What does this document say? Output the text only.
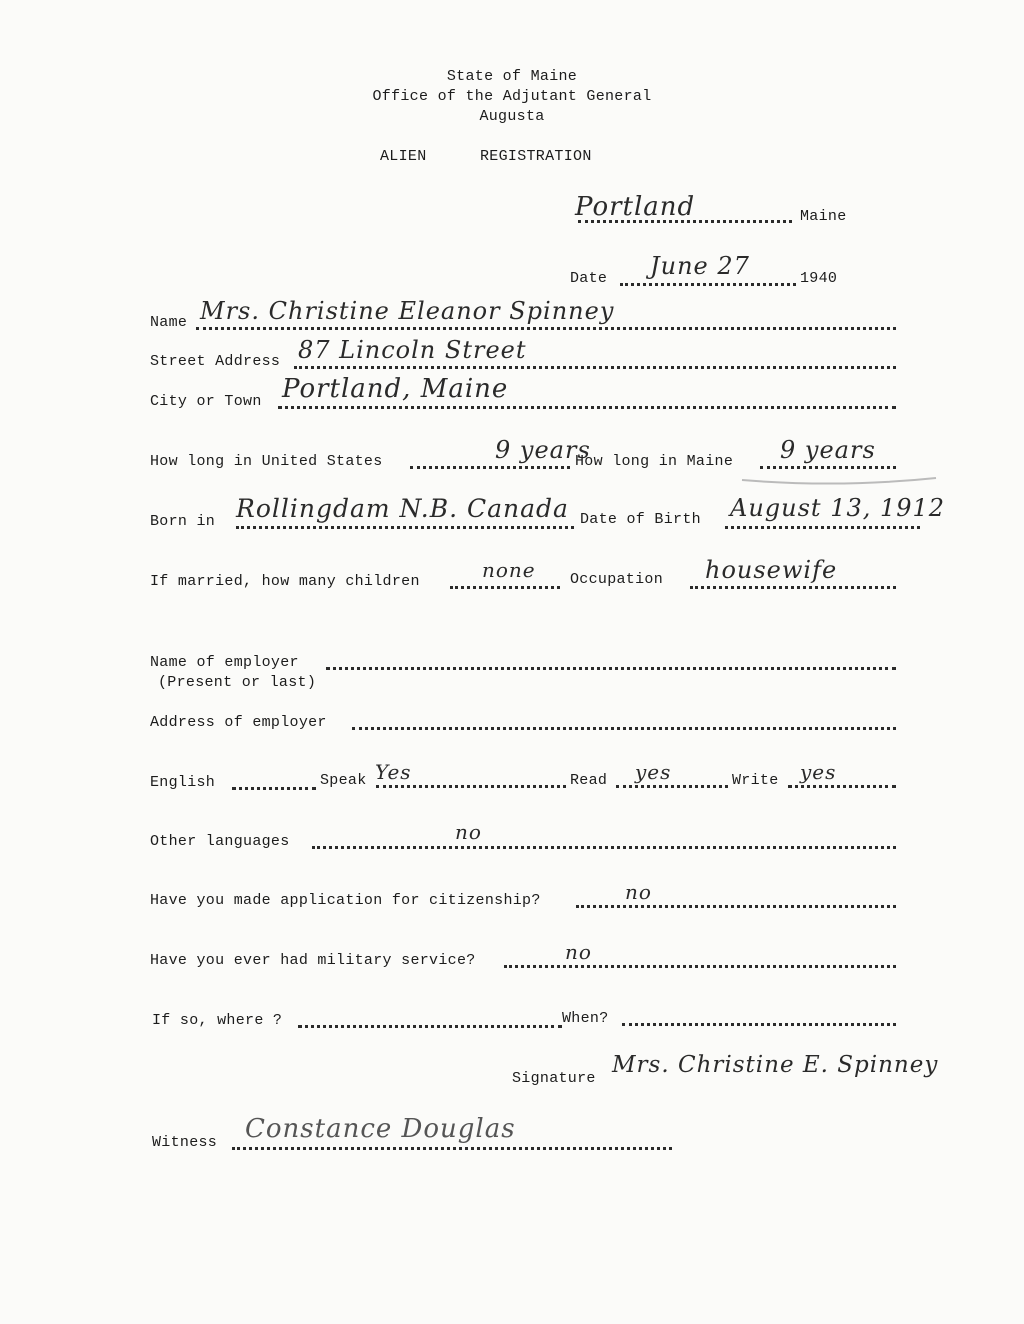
State of Maine
Office of the Adjutant General
Augusta
ALIEN	REGISTRATION
Portland	Maine
Date June 27	1940
Name Mrs. Christine Eleanor Spinney
Street Address 87 Lincoln Street
City or Town Portland, Maine
How long in United States	9 years
How long in Maine 9 years
Born in Rollingdam N.B. Canada Date of Birth August 13, 1912
If married, how many children	none Occupation housewife
Name of employer
(Present or last)
Address of employer
English	Speak Yes	Read yes	Write yes
Other languages	no
Have you made application for citizenship?	no
Have you ever had military service?	no
If so, where ?	When?
Signature
Mrs. Christine E. Spinney
Witness Constance Douglas
